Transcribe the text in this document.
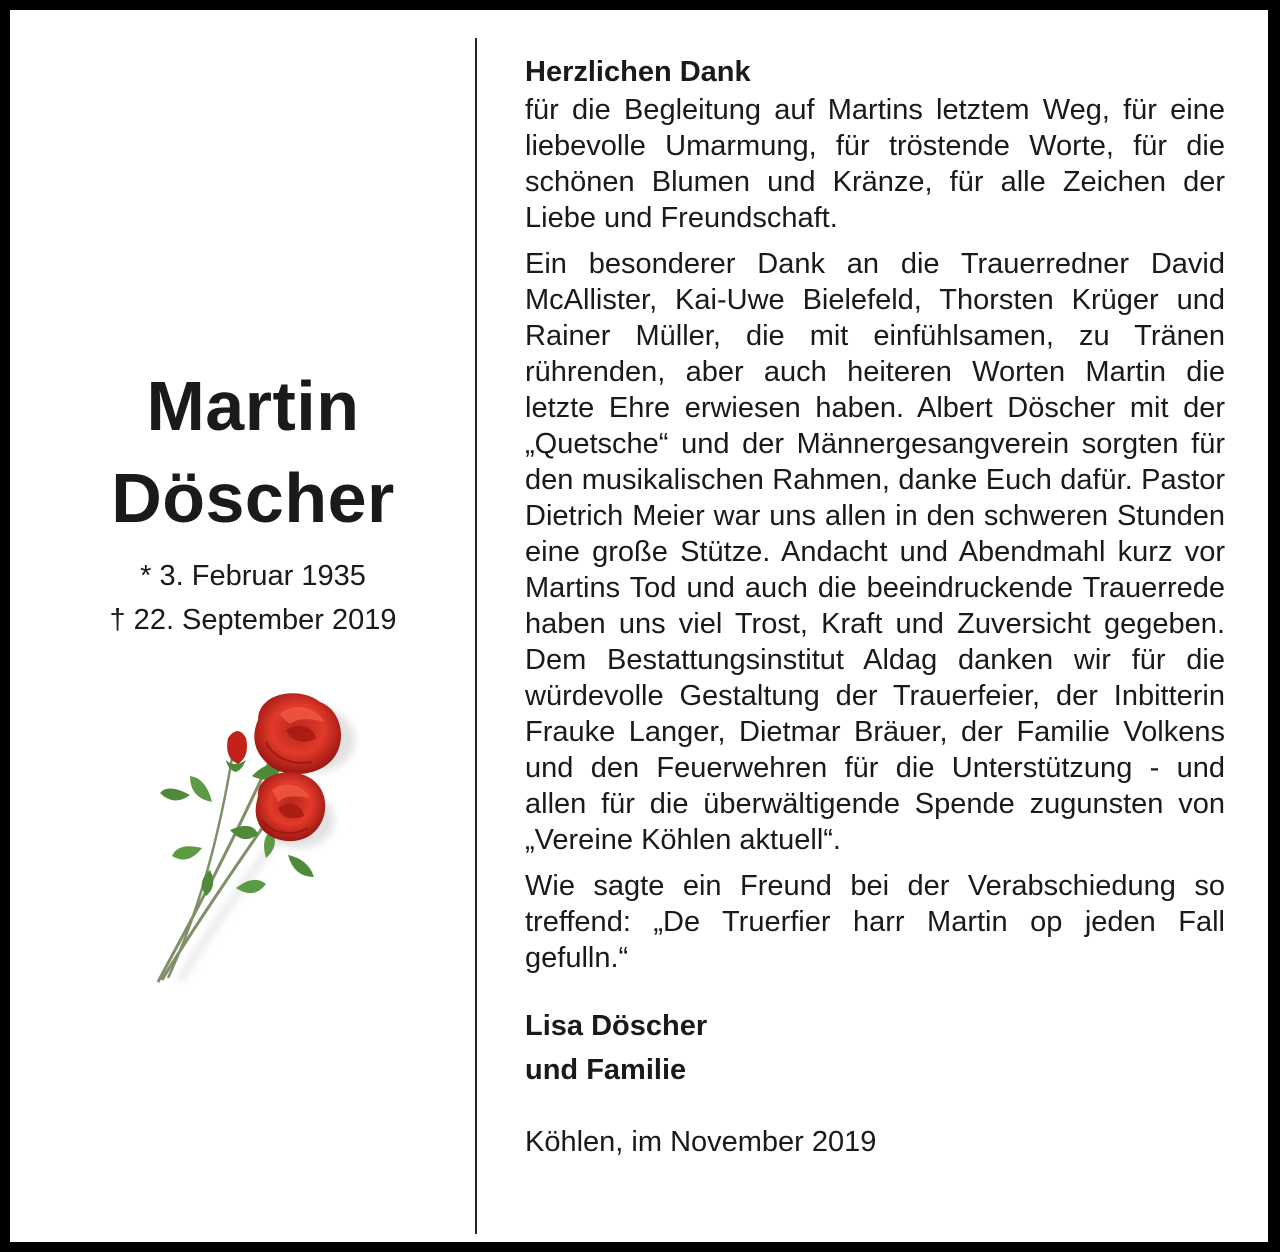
Martin
Döscher
* 3. Februar 1935
† 22. September 2019
Herzlichen Dank

für die Begleitung auf Martins letztem Weg, für eine liebevolle Umarmung, für tröstende Worte, für die schönen Blumen und Kränze, für alle Zeichen der Liebe und Freundschaft.

Ein besonderer Dank an die Trauerredner David McAllister, Kai-Uwe Bielefeld, Thorsten Krüger und Rainer Müller, die mit einfühlsamen, zu Tränen rührenden, aber auch heiteren Worten Martin die letzte Ehre erwiesen haben. Albert Döscher mit der „Quetsche“ und der Männergesangverein sorgten für den musikalischen Rahmen, danke Euch dafür. Pastor Dietrich Meier war uns allen in den schweren Stunden eine große Stütze. Andacht und Abendmahl kurz vor Martins Tod und auch die beeindruckende Trauerrede haben uns viel Trost, Kraft und Zuversicht gegeben. Dem Bestattungsinstitut Aldag danken wir für die würdevolle Gestaltung der Trauerfeier, der Inbitterin Frauke Langer, Dietmar Bräuer, der Familie Volkens und den Feuerwehren für die Unterstützung - und allen für die überwältigende Spende zugunsten von „Vereine Köhlen aktuell“.

Wie sagte ein Freund bei der Verabschiedung so treffend: „De Truerfier harr Martin op jeden Fall gefulln.“

Lisa Döscher

und Familie

Köhlen, im November 2019
